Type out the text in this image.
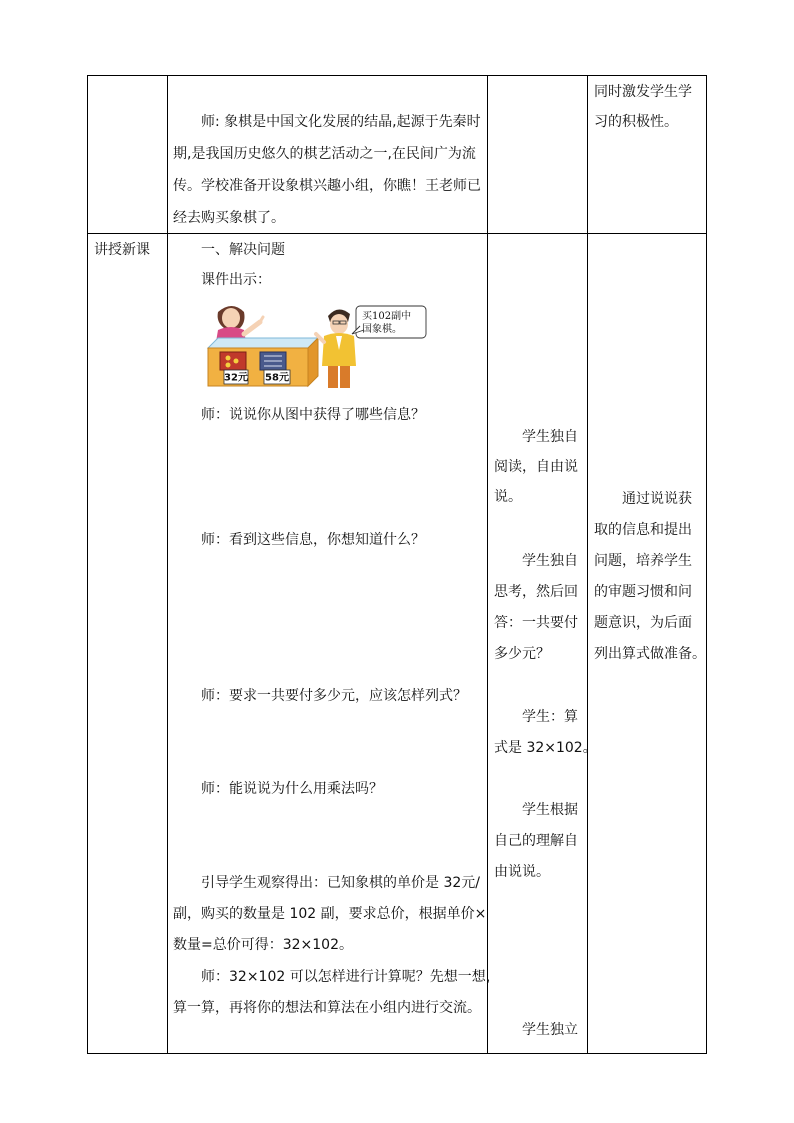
师: 象棋是中国文化发展的结晶,起源于先秦时
期,是我国历史悠久的棋艺活动之一,在民间广为流
传。学校准备开设象棋兴趣小组，你瞧！王老师已
经去购买象棋了。
同时激发学生学
习的积极性。
讲授新课	一、解决问题
课件出示：
32元 58元
买102副中
国象棋。
师：说说你从图中获得了哪些信息？
师：看到这些信息，你想知道什么？
师：要求一共要付多少元，应该怎样列式？
师：能说说为什么用乘法吗？
引导学生观察得出：已知象棋的单价是 32元/
副，购买的数量是 102 副，要求总价，根据单价×
数量=总价可得：32×102。
师：32×102 可以怎样进行计算呢？先想一想，
算一算，再将你的想法和算法在小组内进行交流。
学生独自
阅读，自由说
说。
学生独自
思考，然后回
答：一共要付
多少元？
学生：算
式是 32×102。
学生根据
自己的理解自
由说说。
学生独立
通过说说获
取的信息和提出
问题，培养学生
的审题习惯和问
题意识，为后面
列出算式做准备。
